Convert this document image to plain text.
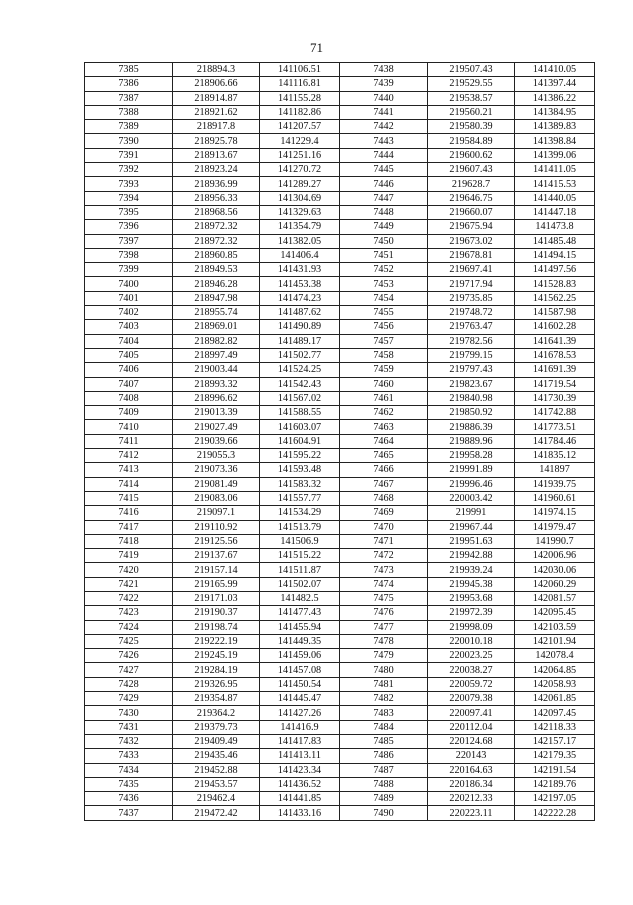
71
7385	218894.3	141106.51	7438	219507.43	141410.05
7386	218906.66	141116.81	7439	219529.55	141397.44
7387	218914.87	141155.28	7440	219538.57	141386.22
7388	218921.62	141182.86	7441	219560.21	141384.95
7389	218917.8	141207.57	7442	219580.39	141389.83
7390	218925.78	141229.4	7443	219584.89	141398.84
7391	218913.67	141251.16	7444	219600.62	141399.06
7392	218923.24	141270.72	7445	219607.43	141411.05
7393	218936.99	141289.27	7446	219628.7	141415.53
7394	218956.33	141304.69	7447	219646.75	141440.05
7395	218968.56	141329.63	7448	219660.07	141447.18
7396	218972.32	141354.79	7449	219675.94	141473.8
7397	218972.32	141382.05	7450	219673.02	141485.48
7398	218960.85	141406.4	7451	219678.81	141494.15
7399	218949.53	141431.93	7452	219697.41	141497.56
7400	218946.28	141453.38	7453	219717.94	141528.83
7401	218947.98	141474.23	7454	219735.85	141562.25
7402	218955.74	141487.62	7455	219748.72	141587.98
7403	218969.01	141490.89	7456	219763.47	141602.28
7404	218982.82	141489.17	7457	219782.56	141641.39
7405	218997.49	141502.77	7458	219799.15	141678.53
7406	219003.44	141524.25	7459	219797.43	141691.39
7407	218993.32	141542.43	7460	219823.67	141719.54
7408	218996.62	141567.02	7461	219840.98	141730.39
7409	219013.39	141588.55	7462	219850.92	141742.88
7410	219027.49	141603.07	7463	219886.39	141773.51
7411	219039.66	141604.91	7464	219889.96	141784.46
7412	219055.3	141595.22	7465	219958.28	141835.12
7413	219073.36	141593.48	7466	219991.89	141897
7414	219081.49	141583.32	7467	219996.46	141939.75
7415	219083.06	141557.77	7468	220003.42	141960.61
7416	219097.1	141534.29	7469	219991	141974.15
7417	219110.92	141513.79	7470	219967.44	141979.47
7418	219125.56	141506.9	7471	219951.63	141990.7
7419	219137.67	141515.22	7472	219942.88	142006.96
7420	219157.14	141511.87	7473	219939.24	142030.06
7421	219165.99	141502.07	7474	219945.38	142060.29
7422	219171.03	141482.5	7475	219953.68	142081.57
7423	219190.37	141477.43	7476	219972.39	142095.45
7424	219198.74	141455.94	7477	219998.09	142103.59
7425	219222.19	141449.35	7478	220010.18	142101.94
7426	219245.19	141459.06	7479	220023.25	142078.4
7427	219284.19	141457.08	7480	220038.27	142064.85
7428	219326.95	141450.54	7481	220059.72	142058.93
7429	219354.87	141445.47	7482	220079.38	142061.85
7430	219364.2	141427.26	7483	220097.41	142097.45
7431	219379.73	141416.9	7484	220112.04	142118.33
7432	219409.49	141417.83	7485	220124.68	142157.17
7433	219435.46	141413.11	7486	220143	142179.35
7434	219452.88	141423.34	7487	220164.63	142191.54
7435	219453.57	141436.52	7488	220186.34	142189.76
7436	219462.4	141441.85	7489	220212.33	142197.05
7437	219472.42	141433.16	7490	220223.11	142222.28
